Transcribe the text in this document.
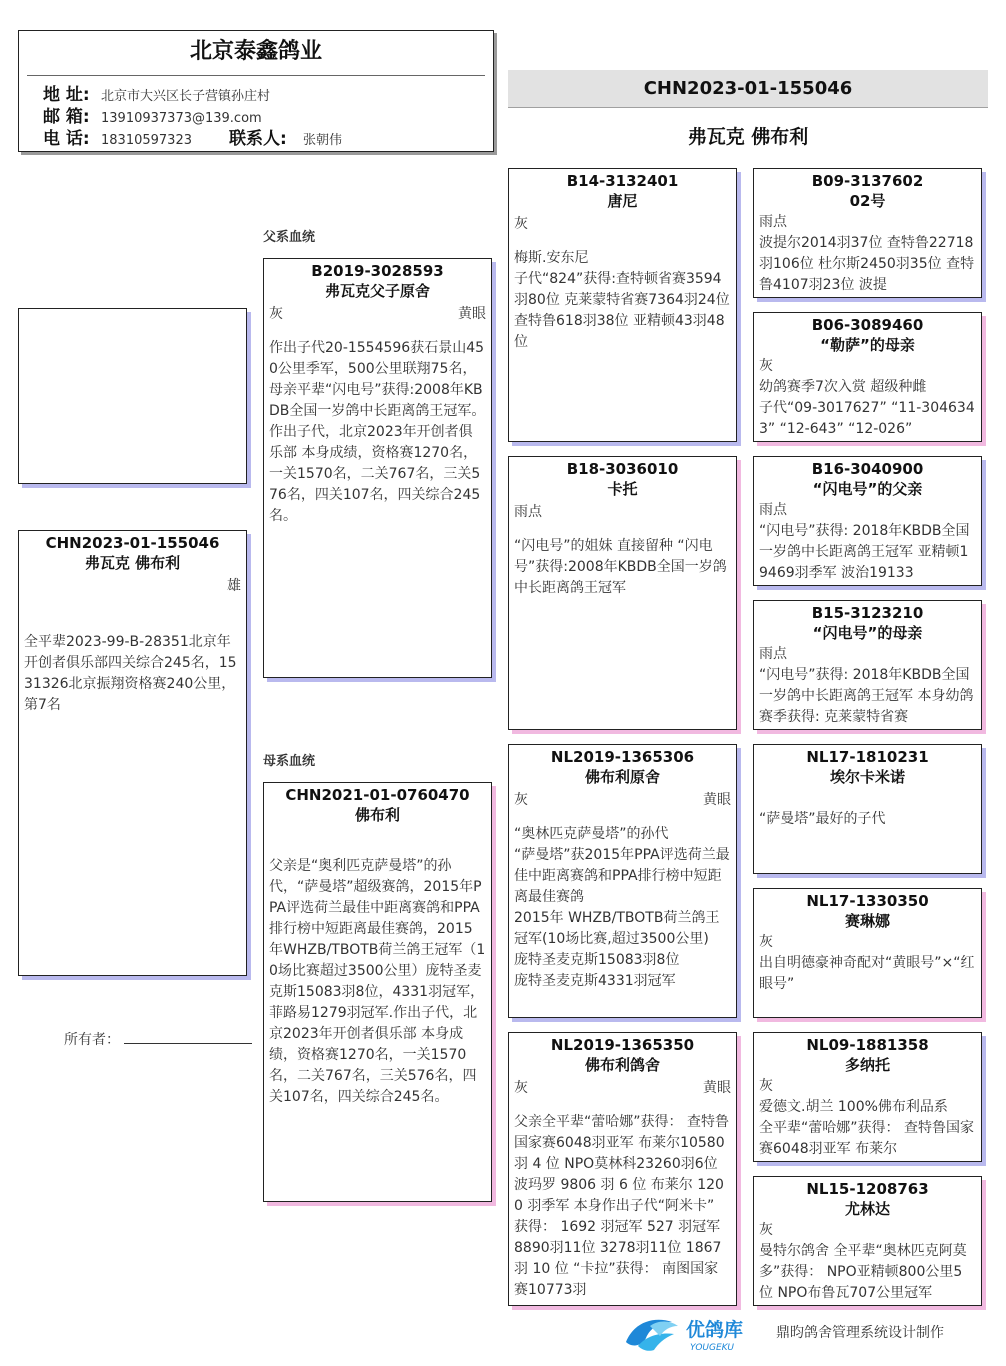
北京泰鑫鸽业
地 址: 北京市大兴区长子营镇孙庄村
邮 箱: 13910937373@139.com
电 话: 18310597323 联系人: 张朝伟
CHN2023-01-155046
弗瓦克 佛布利
父系血统
母系血统
CHN2023-01-155046
弗瓦克 佛布利
雄
全平辈2023-99-B-28351北京年开创者俱乐部四关综合245名，1531326北京振翔资格赛240公里，第7名
所有者：
B2019-3028593
弗瓦克父子原舍
灰	黄眼
作出子代20-1554596获石景山450公里季军，500公里联翔75名，母亲平辈“闪电号”获得:2008年KBDB全国一岁鸽中长距离鸽王冠军。作出子代，北京2023年开创者俱乐部 本身成绩，资格赛1270名，一关1570名，二关767名，三关576名，四关107名，四关综合245名。
CHN2021-01-0760470
佛布利
父亲是“奥利匹克萨曼塔”的孙代，“萨曼塔”超级赛鸽，2015年PPA评选荷兰最佳中距离赛鸽和PPA排行榜中短距离最佳赛鸽，2015年WHZB/TBOTB荷兰鸽王冠军（10场比赛超过3500公里）庞特圣麦克斯15083羽8位，4331羽冠军，菲路易1279羽冠军.作出子代，北京2023年开创者俱乐部 本身成绩，资格赛1270名，一关1570名，二关767名，三关576名，四关107名，四关综合245名。
B14-3132401
唐尼
灰
梅斯.安东尼
子代“824”获得:查特顿省赛3594羽80位 克莱蒙特省赛7364羽24位 查特鲁618羽38位 亚精顿43羽48位
B18-3036010
卡托
雨点
“闪电号”的姐妹 直接留种 “闪电号”获得:2008年KBDB全国一岁鸽中长距离鸽王冠军
NL2019-1365306
佛布利原舍
灰	黄眼
“奥林匹克萨曼塔”的孙代
“萨曼塔”获2015年PPA评选荷兰最佳中距离赛鸽和PPA排行榜中短距离最佳赛鸽
2015年 WHZB/TBOTB荷兰鸽王冠军(10场比赛,超过3500公里)
庞特圣麦克斯15083羽8位
庞特圣麦克斯4331羽冠军
NL2019-1365350
佛布利鸽舍
灰	黄眼
父亲全平辈“蕾哈娜”获得： 查特鲁国家赛6048羽亚军 布莱尔10580 羽 4 位 NPO莫林科23260羽6位 波玛罗 9806 羽 6 位 布莱尔 1200 羽季军 本身作出子代“阿米卡” 获得： 1692 羽冠军 527 羽冠军 8890羽11位 3278羽11位 1867 羽 10 位 “卡拉”获得： 南图国家赛10773羽
B09-3137602
02号
雨点
波提尔2014羽37位 查特鲁22718羽106位 杜尔斯2450羽35位 查特鲁4107羽23位 波提
B06-3089460
“勒萨”的母亲
灰
幼鸽赛季7次入赏 超级种雌
子代“09-3017627” “11-3046343” “12-643” “12-026”
B16-3040900
“闪电号”的父亲
雨点
“闪电号”获得: 2018年KBDB全国一岁鸽中长距离鸽王冠军 亚精顿19469羽季军 波治19133
B15-3123210
“闪电号”的母亲
雨点
“闪电号”获得: 2018年KBDB全国一岁鸽中长距离鸽王冠军 本身幼鸽赛季获得: 克莱蒙特省赛
NL17-1810231
埃尔卡米诺
“萨曼塔”最好的子代
NL17-1330350
赛琳娜
灰
出自明德豪神奇配对“黄眼号”×“红眼号”
NL09-1881358
多纳托
灰
爱德文.胡兰 100%佛布利品系
全平辈“蕾哈娜”获得： 查特鲁国家赛6048羽亚军 布莱尔
NL15-1208763
尤林达
灰
曼特尔鸽舍 全平辈“奥林匹克阿莫多”获得： NPO亚精顿800公里5位 NPO布鲁瓦707公里冠军
优鸽库
YOUGEKU
鼎昀鸽舍管理系统设计制作
